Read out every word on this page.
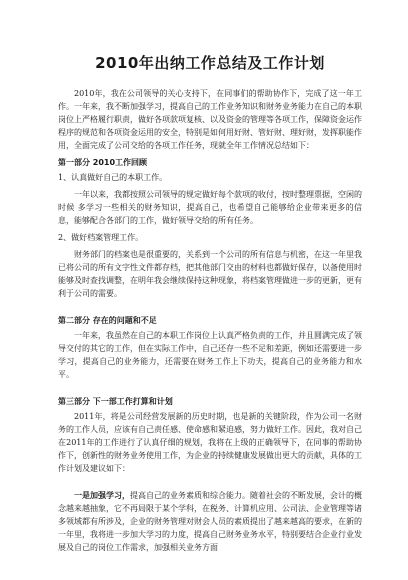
2010年出纳工作总结及工作计划

2010年，我在公司领导的关心支持下，在同事们的帮助协作下，完成了这一年工作。一年来，我不断加强学习，提高自己的工作业务知识和财务业务能力在自己的本职岗位上严格履行职责，做好各项款项复核、以及资金的管理等各项工作，保障资金运作程序的规范和各项资金运用的安全，特别是如何用好财、管好财、理好财，发挥职能作用，全面完成了公司交给的各项工作任务，现就全年工作情况总结如下：

第一部分 2010工作回顾

1、认真做好自己的本职工作。

一年以来，我都按照公司领导的规定做好每个款项的收付，按时整理票据，空闲的时候 多学习一些相关的财务知识，提高自己，也希望自己能够给企业带来更多的信息，能够配合各部门的工作，做好领导交给的所有任务。

2、做好档案管理工作。

财务部门的档案也是很重要的，关系到一个公司的所有信息与机密，在这一年里我已将公司的所有文字性文件都存档，把其他部门交由的材料也都做好保存，以备使用时能够及时查找调整，在明年我会继续保持这种现象，将档案管理做进一步的更新，更有利于公司的需要。

第二部分 存在的问题和不足

一年来，我虽然在自己的本职工作岗位上认真严格负责的工作，并且圆满完成了领导交付的其它的工作，但在实际工作中，自己还存一些不足和差距，例如还需要进一步学习，提高自己的业务能力，还需要在财务工作上下功夫，提高自己的业务能力和水平。

第三部分 下一部工作打算和计划

2011年，将是公司经营发展新的历史时期，也是新的关键阶段，作为公司一名财务的工作人员，应该有自己责任感、使命感和紧迫感，努力做好工作。因此，我对自己在2011年的工作进行了认真仔细的规划，我将在上级的正确领导下，在同事的帮助协作下，创新性的财务业务使用工作，为企业的持续健康发展做出更大的贡献，具体的工作计划及建议如下：

一是加强学习，提高自己的业务素质和综合能力。随着社会的不断发展，会计的概念越来越抽象，它不再局限于某个学科，在税务、计算机应用、公司法、企业管理等诸多领域都有所涉及，企业的财务管理对财会人员的素质提出了越来越高的要求，在新的一年里，我将进一步加大学习的力度，提高自己财务业务水平，特别要结合企业行业发展及自己的岗位工作需求，加强相关业务方面
